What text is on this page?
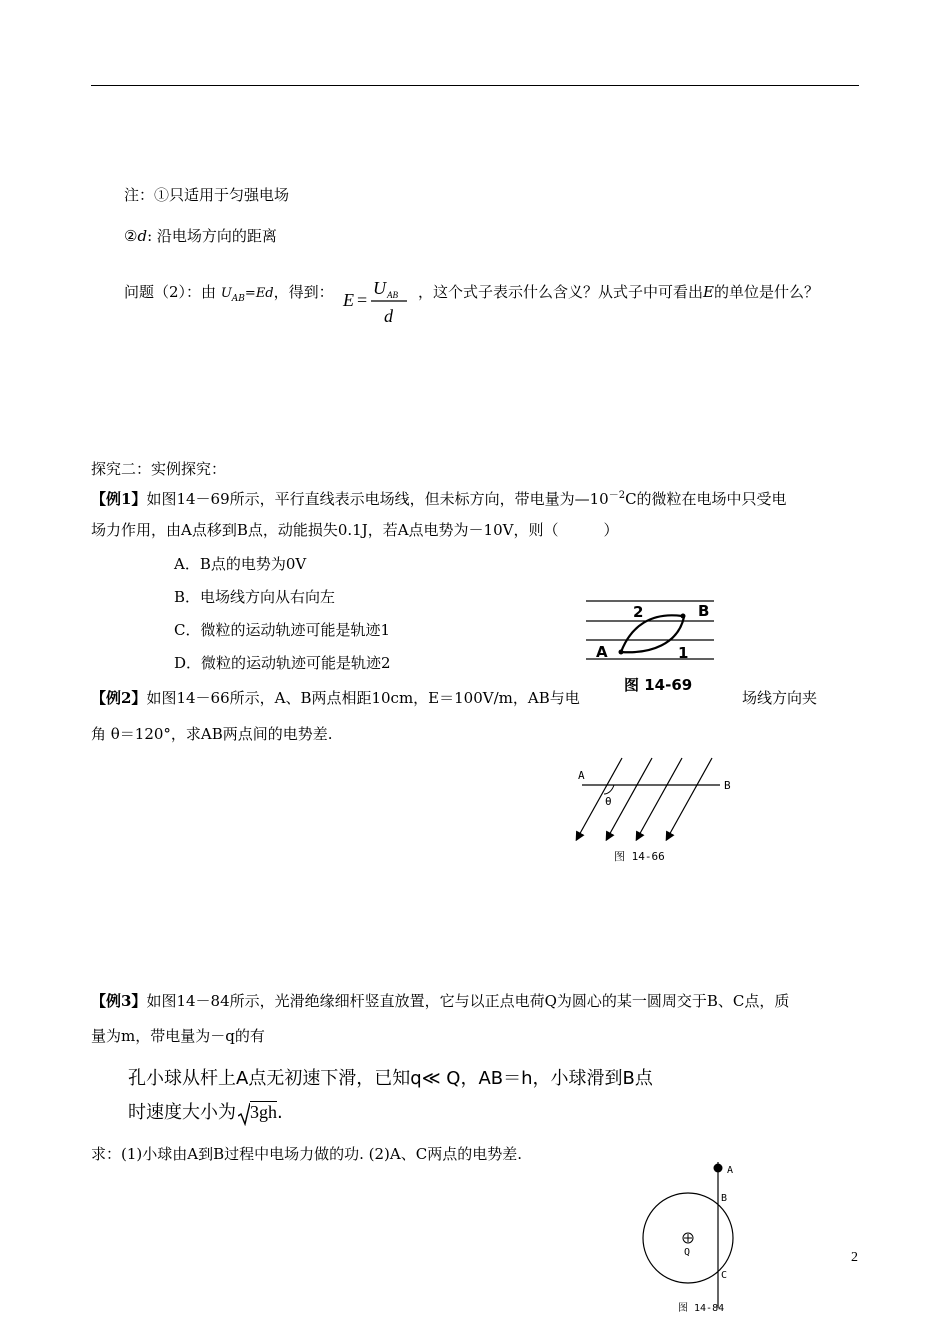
注：①只适用于匀强电场
②d: 沿电场方向的距离
问题（2）：由 $U_{AB}=Ed$，得到： E =
U AB
d
，这个式子表示什么含义？从式子中可看出E的单位是什么？
探究二：实例探究：
【例1】如图14－69所示，平行直线表示电场线，但未标方向，带电量为$—10^{-2}C$的微粒在电场中只受电
场力作用，由A点移到B点，动能损失0.1J，若A点电势为－10V，则（　　　）
A．B点的电势为0V
B．电场线方向从右向左
C．微粒的运动轨迹可能是轨迹1
D．微粒的运动轨迹可能是轨迹2
A
B
2
1
图 14-69
【例2】如图14－66所示，A、B两点相距10cm，E＝100V/m，AB与电	场线方向夹
角 θ＝120°，求AB两点间的电势差.
A
B
θ
图 14-66
【例3】如图14－84所示，光滑绝缘细杆竖直放置，它与以正点电荷Q为圆心的某一圆周交于B、C点，质
量为m，带电量为－q的有
孔小球从杆上A点无初速下滑，已知q≪ Q，AB＝h，小球滑到B点
时速度大小为 3gh.
求：(1)小球由A到B过程中电场力做的功. (2)A、C两点的电势差.
A
B
C
Q
图 14-84
2
